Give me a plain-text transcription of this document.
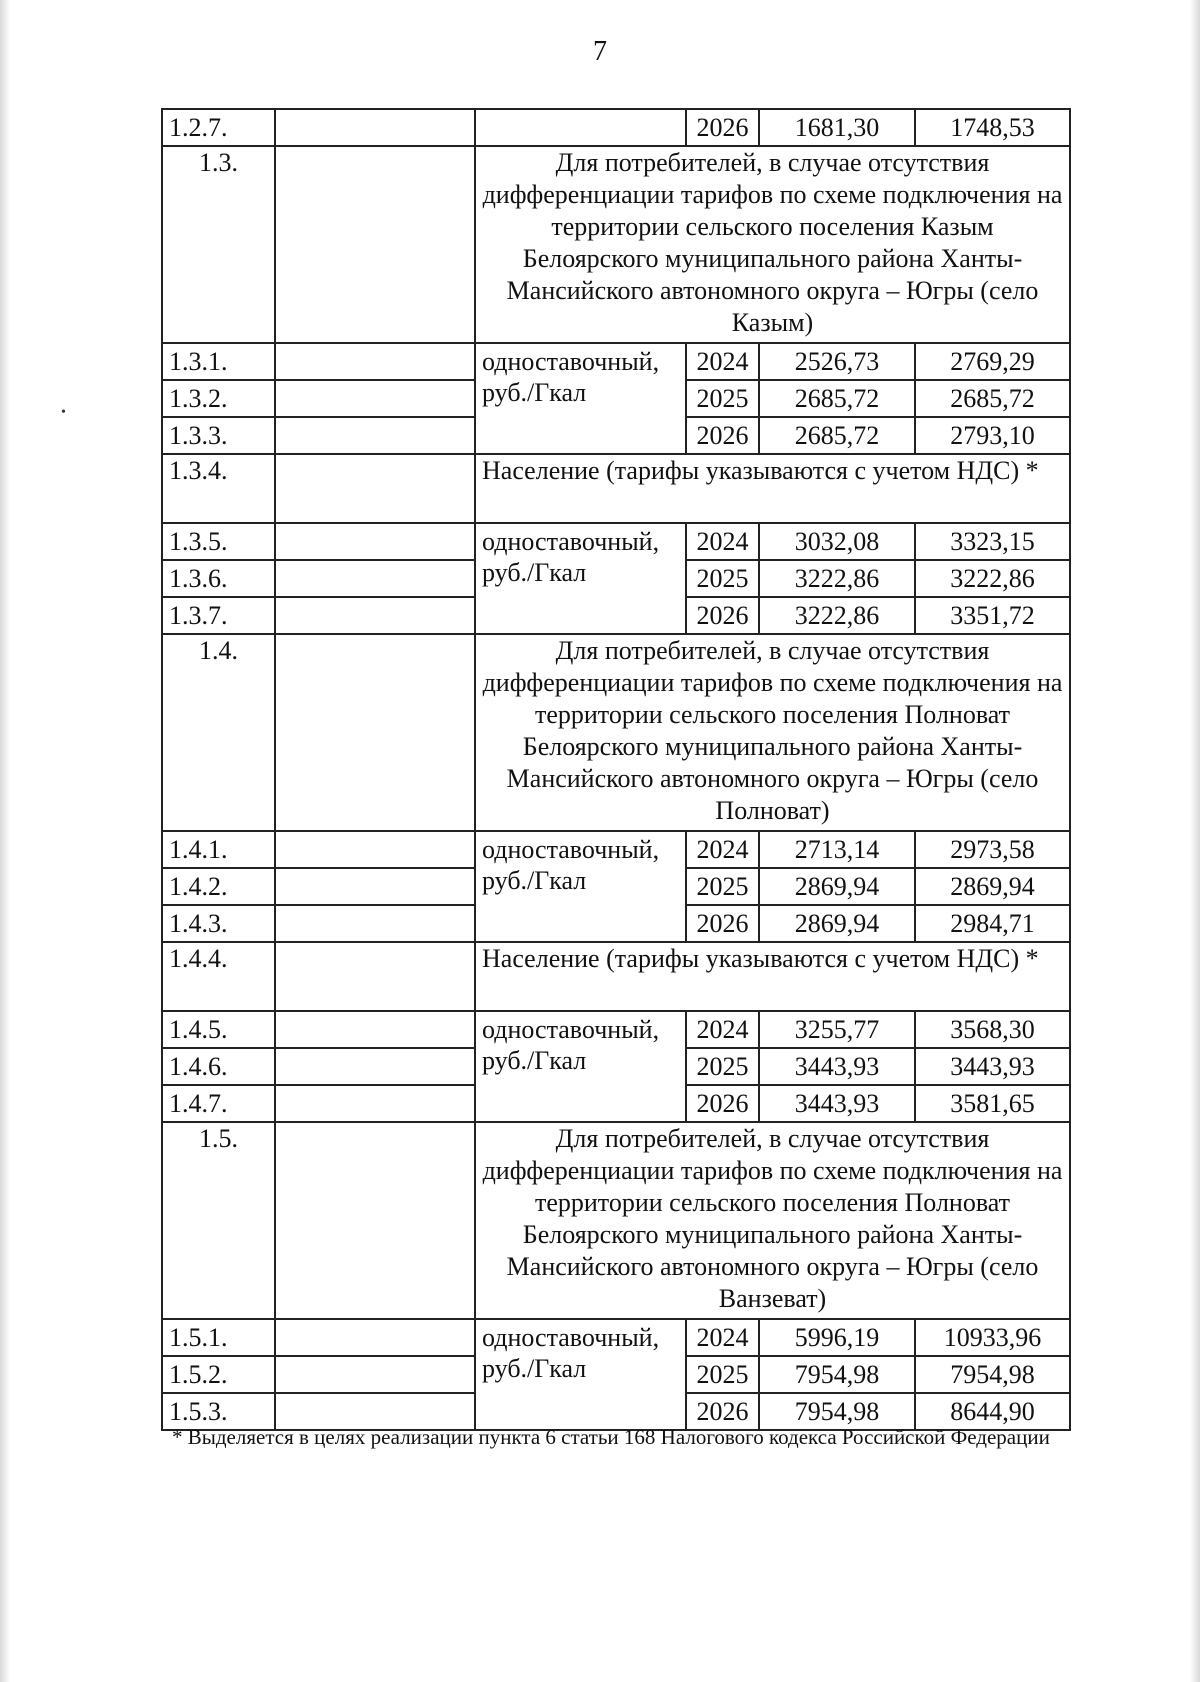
•
7
1.2.7.			2026	1681,30	1748,53
1.3.		Для потребителей, в случае отсутствия дифференциации тарифов по схеме подключения на территории сельского поселения Казым Белоярского муниципального района Ханты-Мансийского автономного округа – Югры (село Казым)			
1.3.1.		одноставочный, руб./Гкал	2024	2526,73	2769,29
1.3.2.			2025	2685,72	2685,72
1.3.3.			2026	2685,72	2793,10
1.3.4.		Население (тарифы указываются с учетом НДС) *			
1.3.5.		одноставочный, руб./Гкал	2024	3032,08	3323,15
1.3.6.			2025	3222,86	3222,86
1.3.7.			2026	3222,86	3351,72
1.4.		Для потребителей, в случае отсутствия дифференциации тарифов по схеме подключения на территории сельского поселения Полноват Белоярского муниципального района Ханты-Мансийского автономного округа – Югры (село Полноват)			
1.4.1.		одноставочный, руб./Гкал	2024	2713,14	2973,58
1.4.2.			2025	2869,94	2869,94
1.4.3.			2026	2869,94	2984,71
1.4.4.		Население (тарифы указываются с учетом НДС) *			
1.4.5.		одноставочный, руб./Гкал	2024	3255,77	3568,30
1.4.6.			2025	3443,93	3443,93
1.4.7.			2026	3443,93	3581,65
1.5.		Для потребителей, в случае отсутствия дифференциации тарифов по схеме подключения на территории сельского поселения Полноват Белоярского муниципального района Ханты-Мансийского автономного округа – Югры (село Ванзеват)			
1.5.1.		одноставочный, руб./Гкал	2024	5996,19	10933,96
1.5.2.			2025	7954,98	7954,98
1.5.3.			2026	7954,98	8644,90
* Выделяется в целях реализации пункта 6 статьи 168 Налогового кодекса Российской Федерации
